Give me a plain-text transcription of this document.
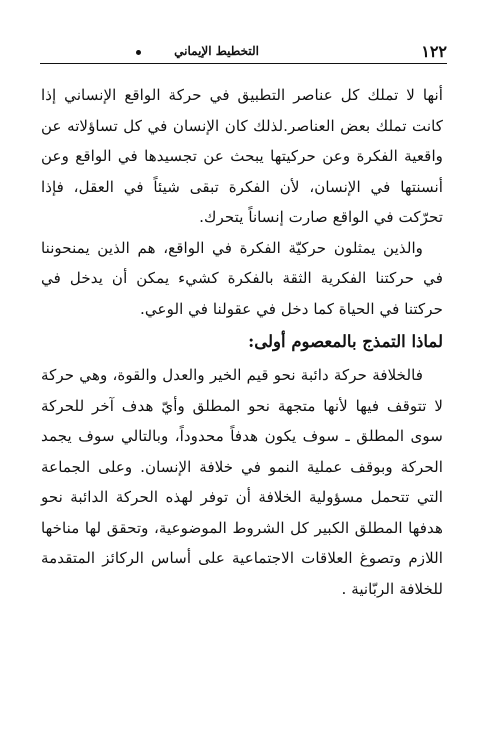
١٢٢
التخطيط الإيماني

أنها لا تملك كل عناصر التطبيق في حركة الواقع الإنساني إذا كانت تملك بعض العناصر.لذلك كان الإنسان في كل تساؤلاته عن واقعية الفكرة وعن حركيتها يبحث عن تجسيدها في الواقع وعن أنسنتها في الإنسان، لأن الفكرة تبقى شيئاً في العقل، فإذا تحرّكت في الواقع صارت إنساناً يتحرك.

والذين يمثلون حركيّة الفكرة في الواقع، هم الذين يمنحوننا في حركتنا الفكرية الثقة بالفكرة كشيء يمكن أن يدخل في حركتنا في الحياة كما دخل في عقولنا في الوعي.

لماذا التمذج بالمعصوم أولى:

فالخلافة حركة دائبة نحو قيم الخير والعدل والقوة، وهي حركة لا تتوقف فيها لأنها متجهة نحو المطلق وأيّ هدف آخر للحركة سوى المطلق ـ سوف يكون هدفاً محدوداً، وبالتالي سوف يجمد الحركة وبوقف عملية النمو في خلافة الإنسان. وعلى الجماعة التي تتحمل مسؤولية الخلافة أن توفر لهذه الحركة الدائبة نحو هدفها المطلق الكبير كل الشروط الموضوعية، وتحقق لها مناخها اللازم وتصوغ العلاقات الاجتماعية على أساس الركائز المتقدمة للخلافة الربّانية .
